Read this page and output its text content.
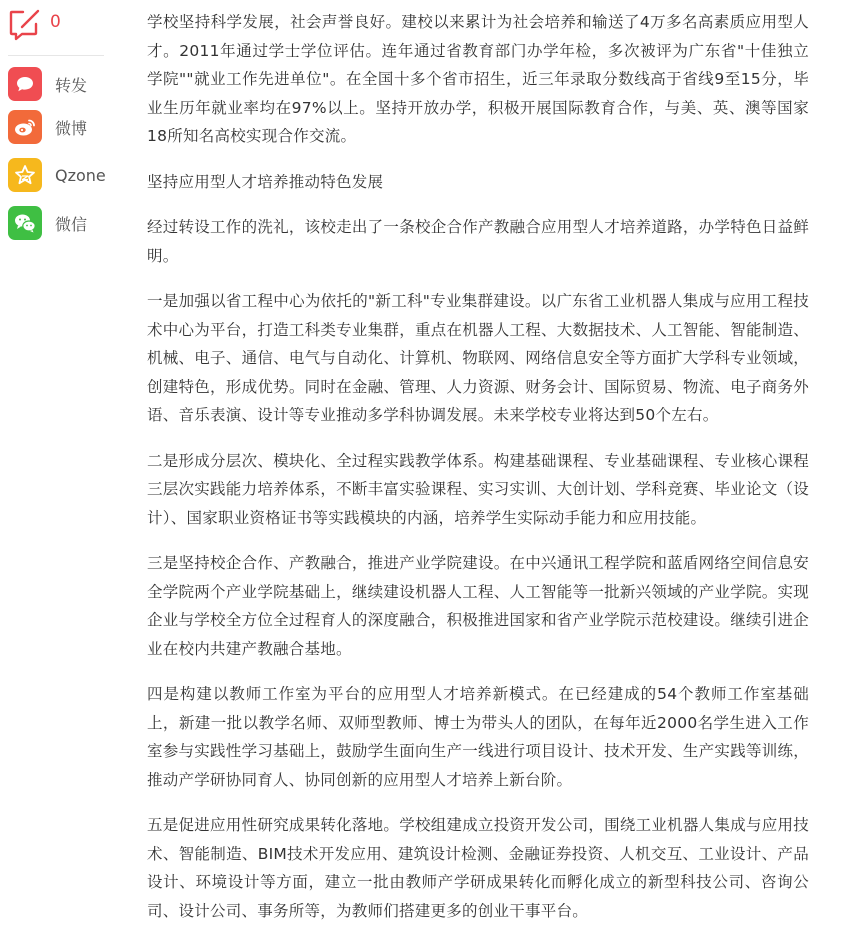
0
转发
微博
Qzone
微信

学校坚持科学发展，社会声誉良好。建校以来累计为社会培养和输送了4万多名高素质应用型人才。2011年通过学士学位评估。连年通过省教育部门办学年检，多次被评为广东省"十佳独立学院""就业工作先进单位"。在全国十多个省市招生，近三年录取分数线高于省线9至15分，毕业生历年就业率均在97%以上。坚持开放办学，积极开展国际教育合作，与美、英、澳等国家18所知名高校实现合作交流。

坚持应用型人才培养推动特色发展

经过转设工作的洗礼，该校走出了一条校企合作产教融合应用型人才培养道路，办学特色日益鲜明。

一是加强以省工程中心为依托的"新工科"专业集群建设。以广东省工业机器人集成与应用工程技术中心为平台，打造工科类专业集群，重点在机器人工程、大数据技术、人工智能、智能制造、机械、电子、通信、电气与自动化、计算机、物联网、网络信息安全等方面扩大学科专业领域，创建特色，形成优势。同时在金融、管理、人力资源、财务会计、国际贸易、物流、电子商务外语、音乐表演、设计等专业推动多学科协调发展。未来学校专业将达到50个左右。

二是形成分层次、模块化、全过程实践教学体系。构建基础课程、专业基础课程、专业核心课程三层次实践能力培养体系，不断丰富实验课程、实习实训、大创计划、学科竞赛、毕业论文（设计）、国家职业资格证书等实践模块的内涵，培养学生实际动手能力和应用技能。

三是坚持校企合作、产教融合，推进产业学院建设。在中兴通讯工程学院和蓝盾网络空间信息安全学院两个产业学院基础上，继续建设机器人工程、人工智能等一批新兴领域的产业学院。实现企业与学校全方位全过程育人的深度融合，积极推进国家和省产业学院示范校建设。继续引进企业在校内共建产教融合基地。

四是构建以教师工作室为平台的应用型人才培养新模式。在已经建成的54个教师工作室基础上，新建一批以教学名师、双师型教师、博士为带头人的团队，在每年近2000名学生进入工作室参与实践性学习基础上，鼓励学生面向生产一线进行项目设计、技术开发、生产实践等训练，推动产学研协同育人、协同创新的应用型人才培养上新台阶。

五是促进应用性研究成果转化落地。学校组建成立投资开发公司，围绕工业机器人集成与应用技术、智能制造、BIM技术开发应用、建筑设计检测、金融证券投资、人机交互、工业设计、产品设计、环境设计等方面，建立一批由教师产学研成果转化而孵化成立的新型科技公司、咨询公司、设计公司、事务所等，为教师们搭建更多的创业干事平台。
